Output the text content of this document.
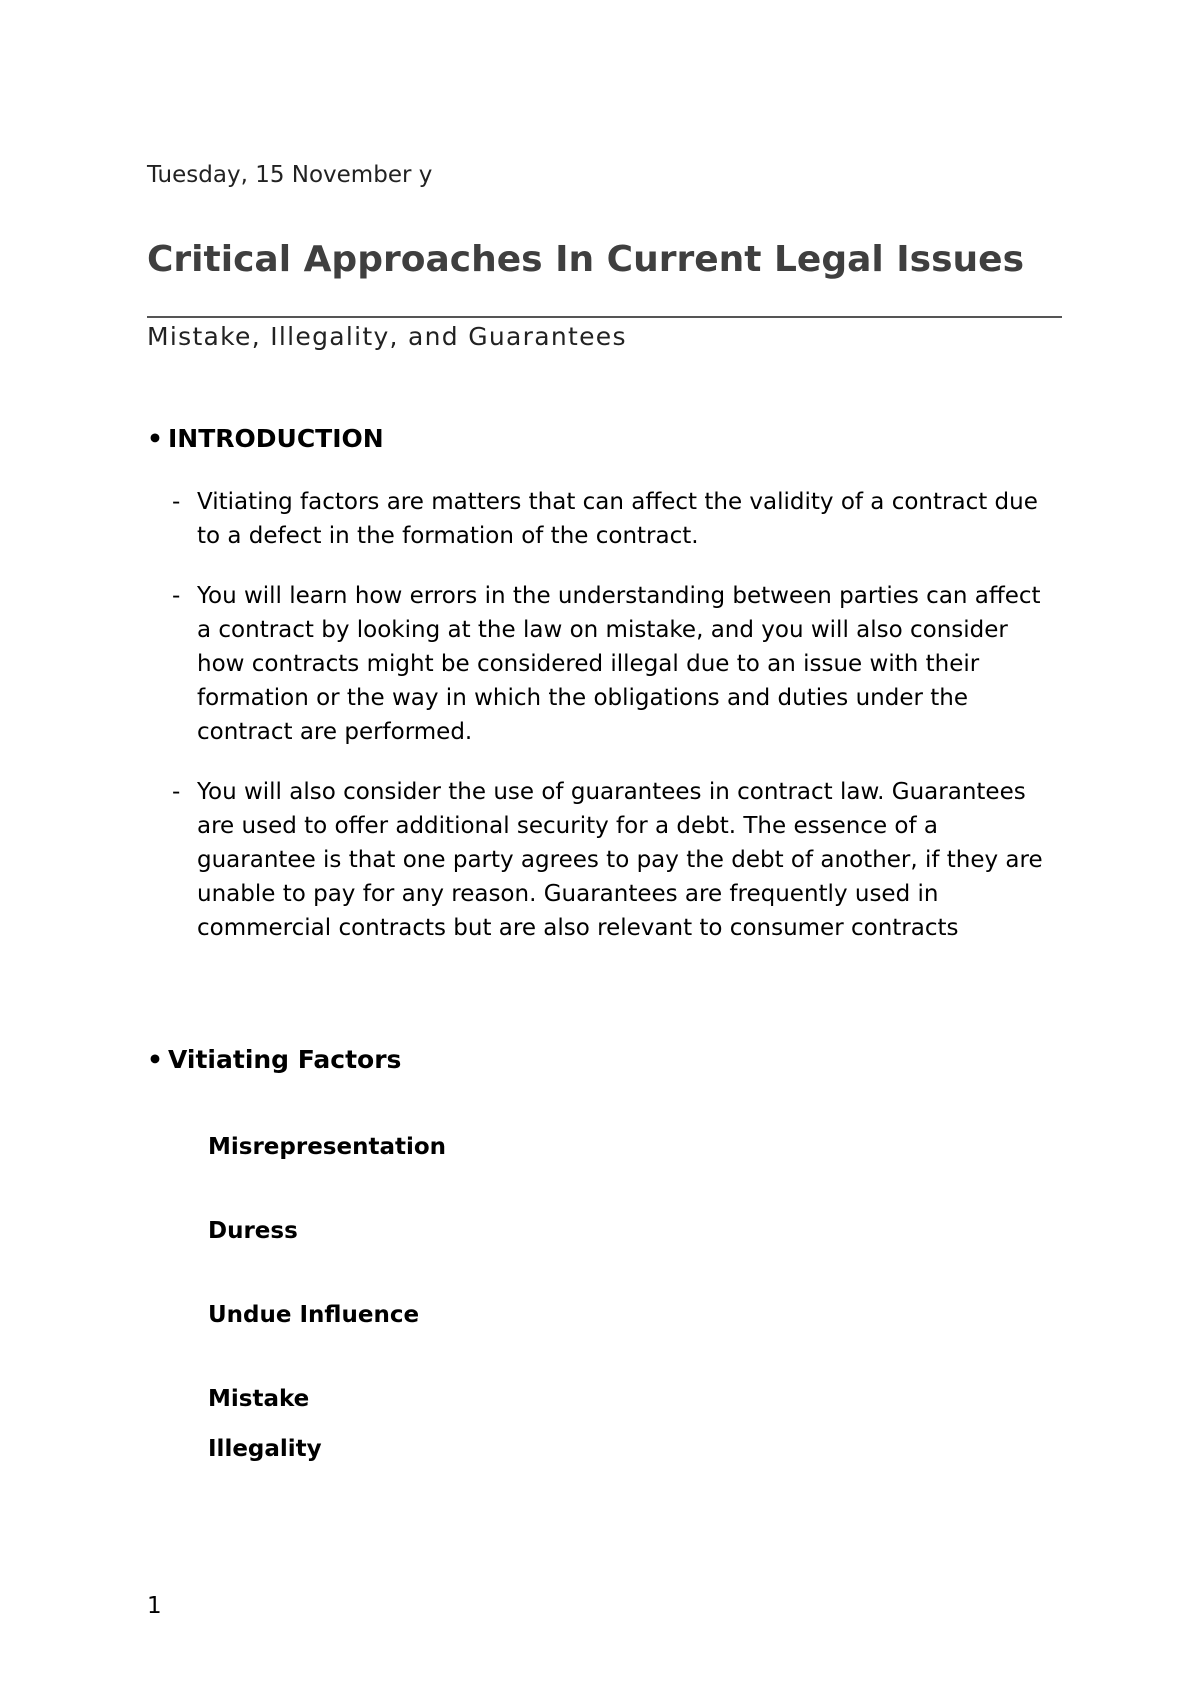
Tuesday, 15 November y
Critical Approaches In Current Legal Issues
Mistake, Illegality, and Guarantees
• INTRODUCTION
- Vitiating factors are matters that can affect the validity of a contract due to a defect in the formation of the contract.
- You will learn how errors in the understanding between parties can affect a contract by looking at the law on mistake, and you will also consider how contracts might be considered illegal due to an issue with their formation or the way in which the obligations and duties under the contract are performed.
- You will also consider the use of guarantees in contract law. Guarantees are used to offer additional security for a debt. The essence of a guarantee is that one party agrees to pay the debt of another, if they are unable to pay for any reason. Guarantees are frequently used in commercial contracts but are also relevant to consumer contracts
• Vitiating Factors
Misrepresentation
Duress
Undue Influence
Mistake
Illegality
1
